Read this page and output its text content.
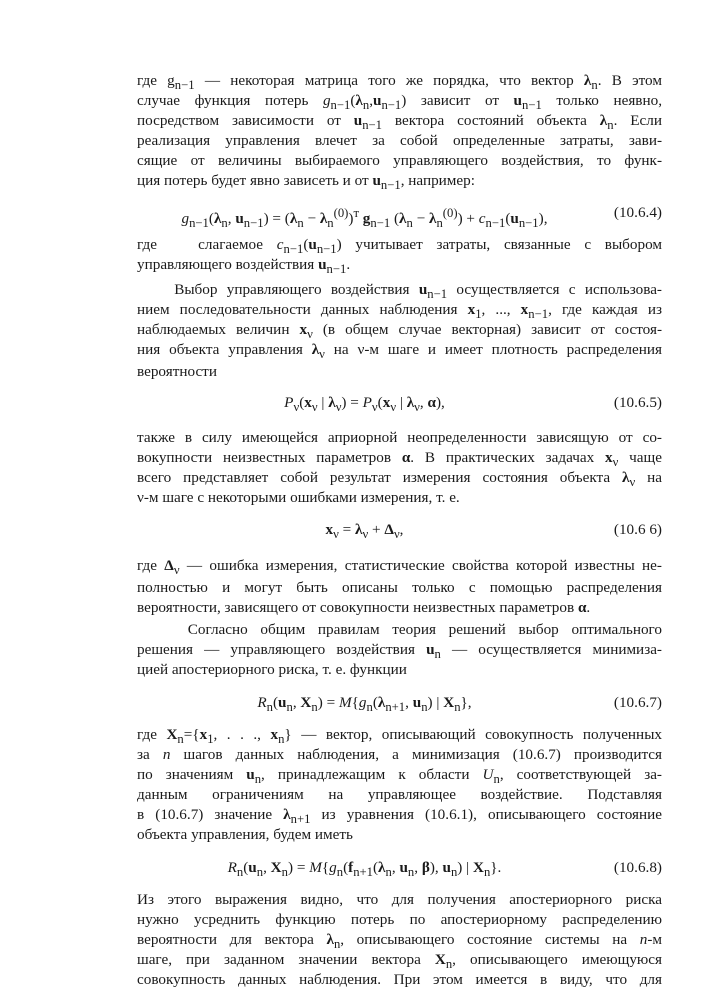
где $g_{n-1}$ — некоторая матрица того же порядка, что вектор $\lambda_n$. В этом
случае функция потерь $g_{n-1}(\lambda_n,u_{n-1})$ зависит от $u_{n-1}$ только неявно,
посредством зависимости от $u_{n-1}$ вектора состояний объекта $\lambda_n$. Если
реализация управления влечет за собой определенные затраты, зави-
сящие от величины выбираемого управляющего воздействия, то функ-
ция потерь будет явно зависеть и от $u_{n-1}$, например:
$g_{n-1}(\lambda_n$, $u_{n-1}) = (\lambda_n - \lambda_n^{(0)})^т$ $g_{n-1}$ $(\lambda_n - \lambda_n^{(0)}) + c_{n-1}(u_{n-1})$,	(10.6.4)
где   слагаемое $c_{n-1}(u_{n-1})$ учитывает затраты, связанные с выбором
управляющего воздействия $u_{n-1}$.
Выбор управляющего воздействия $u_{n-1}$ осуществляется с использова-
нием последовательности данных наблюдения $x_1$, ..., $x_{n-1}$, где каждая из
наблюдаемых величин $x_\nu$ (в общем случае векторная) зависит от состоя-
ния объекта управления $\lambda_\nu$ на ν-м шаге и имеет плотность распределения
вероятности
$P_\nu(x_\nu$ | $\lambda_\nu) = P_\nu(x_\nu$ | $\lambda_\nu$, α),	(10.6.5)
также в силу имеющейся априорной неопределенности зависящую от со-
вокупности неизвестных параметров α. В практических задачах $x_\nu$ чаще
всего представляет собой результат измерения состояния объекта $\lambda_\nu$ на
ν-м шаге с некоторыми ошибками измерения, т. е.
$x_\nu = \lambda_\nu + \Delta_\nu$,	(10.6 6)
где $\Delta_\nu$ — ошибка измерения, статистические свойства которой известны не-
полностью и могут быть описаны только с помощью распределения
вероятности, зависящего от совокупности неизвестных параметров α.
Согласно общим правилам теория решений выбор оптимального
решения — управляющего воздействия $u_n$ — осуществляется минимиза-
цией апостериорного риска, т. е. функции
$R_n(u_n$, $X_n) = M\{g_n(\lambda_{n+1}$, $u_n$) | $X_n$},	(10.6.7)
где $X_n=\{x_1$, . . ., $x_n$} — вектор, описывающий совокупность полученных
за n шагов данных наблюдения, а минимизация (10.6.7) производится
по значениям $u_n$, принадлежащим к области $U_n$, соответствующей за-
данным ограничениям на управляющее воздействие. Подставляя
в (10.6.7) значение $\lambda_{n+1}$ из уравнения (10.6.1), описывающего состояние
объекта управления, будем иметь
$R_n(u_n$, $X_n) = M\{g_n(f_{n+1}(\lambda_n$, $u_n$, β), $u_n$) | $X_n$}.	(10.6.8)
Из этого выражения видно, что для получения апостериорного риска
нужно усреднить функцию потерь по апостериорному распределению
вероятности для вектора $\lambda_n$, описывающего состояние системы на n-м
шаге, при заданном значении вектора $X_n$, описывающего имеющуюся
совокупность данных наблюдения. При этом имеется в виду, что для
